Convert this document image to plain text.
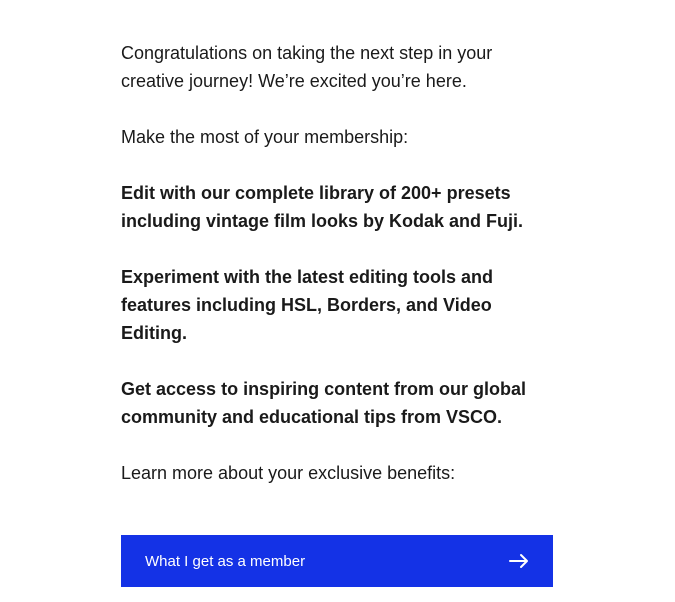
Congratulations on taking the next step in your creative journey! We’re excited you’re here.

Make the most of your membership:

Edit with our complete library of 200+ presets including vintage film looks by Kodak and Fuji.

Experiment with the latest editing tools and features including HSL, Borders, and Video Editing.

Get access to inspiring content from our global community and educational tips from VSCO.

Learn more about your exclusive benefits:

What I get as a member
